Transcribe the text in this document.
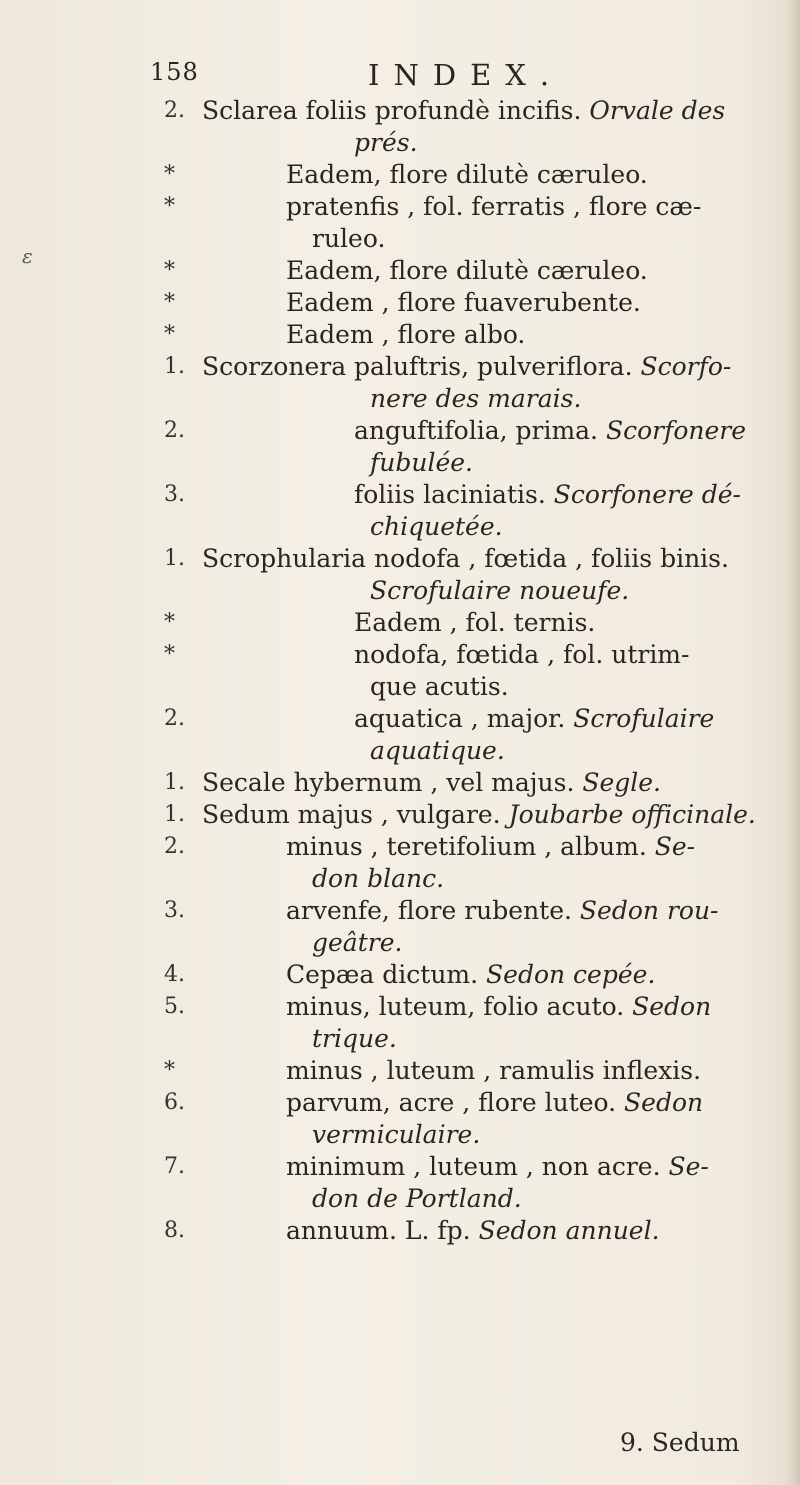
158	INDEX.
ɛ
2. Sclarea foliis profundè incifis. Orvale des
prés.
*	Eadem, flore dilutè cæruleo.
*	pratenfis , fol. ferratis , flore cæ-
ruleo.
*	Eadem, flore dilutè cæruleo.
*	Eadem , flore fuaverubente.
*	Eadem , flore albo.
1. Scorzonera paluftris, pulveriflora. Scorfo-
nere des marais.
2.	anguftifolia, prima. Scorfonere
fubulée.
3.	foliis laciniatis. Scorfonere dé-
chiquetée.
1. Scrophularia nodofa , fœtida , foliis binis.
Scrofulaire noueufe.
*	Eadem , fol. ternis.
*	nodofa, fœtida , fol. utrim-
que acutis.
2.	aquatica , major. Scrofulaire
aquatique.
1. Secale hybernum , vel majus. Segle.
1. Sedum majus , vulgare. Joubarbe officinale.
2.	minus , teretifolium , album. Se-
don blanc.
3.	arvenfe, flore rubente. Sedon rou-
geâtre.
4.	Cepæa dictum. Sedon cepée.
5.	minus, luteum, folio acuto. Sedon
trique.
*	minus , luteum , ramulis inflexis.
6.	parvum, acre , flore luteo. Sedon
vermiculaire.
7.	minimum , luteum , non acre. Se-
don de Portland.
8.	annuum. L. fp. Sedon annuel.
9. Sedum
